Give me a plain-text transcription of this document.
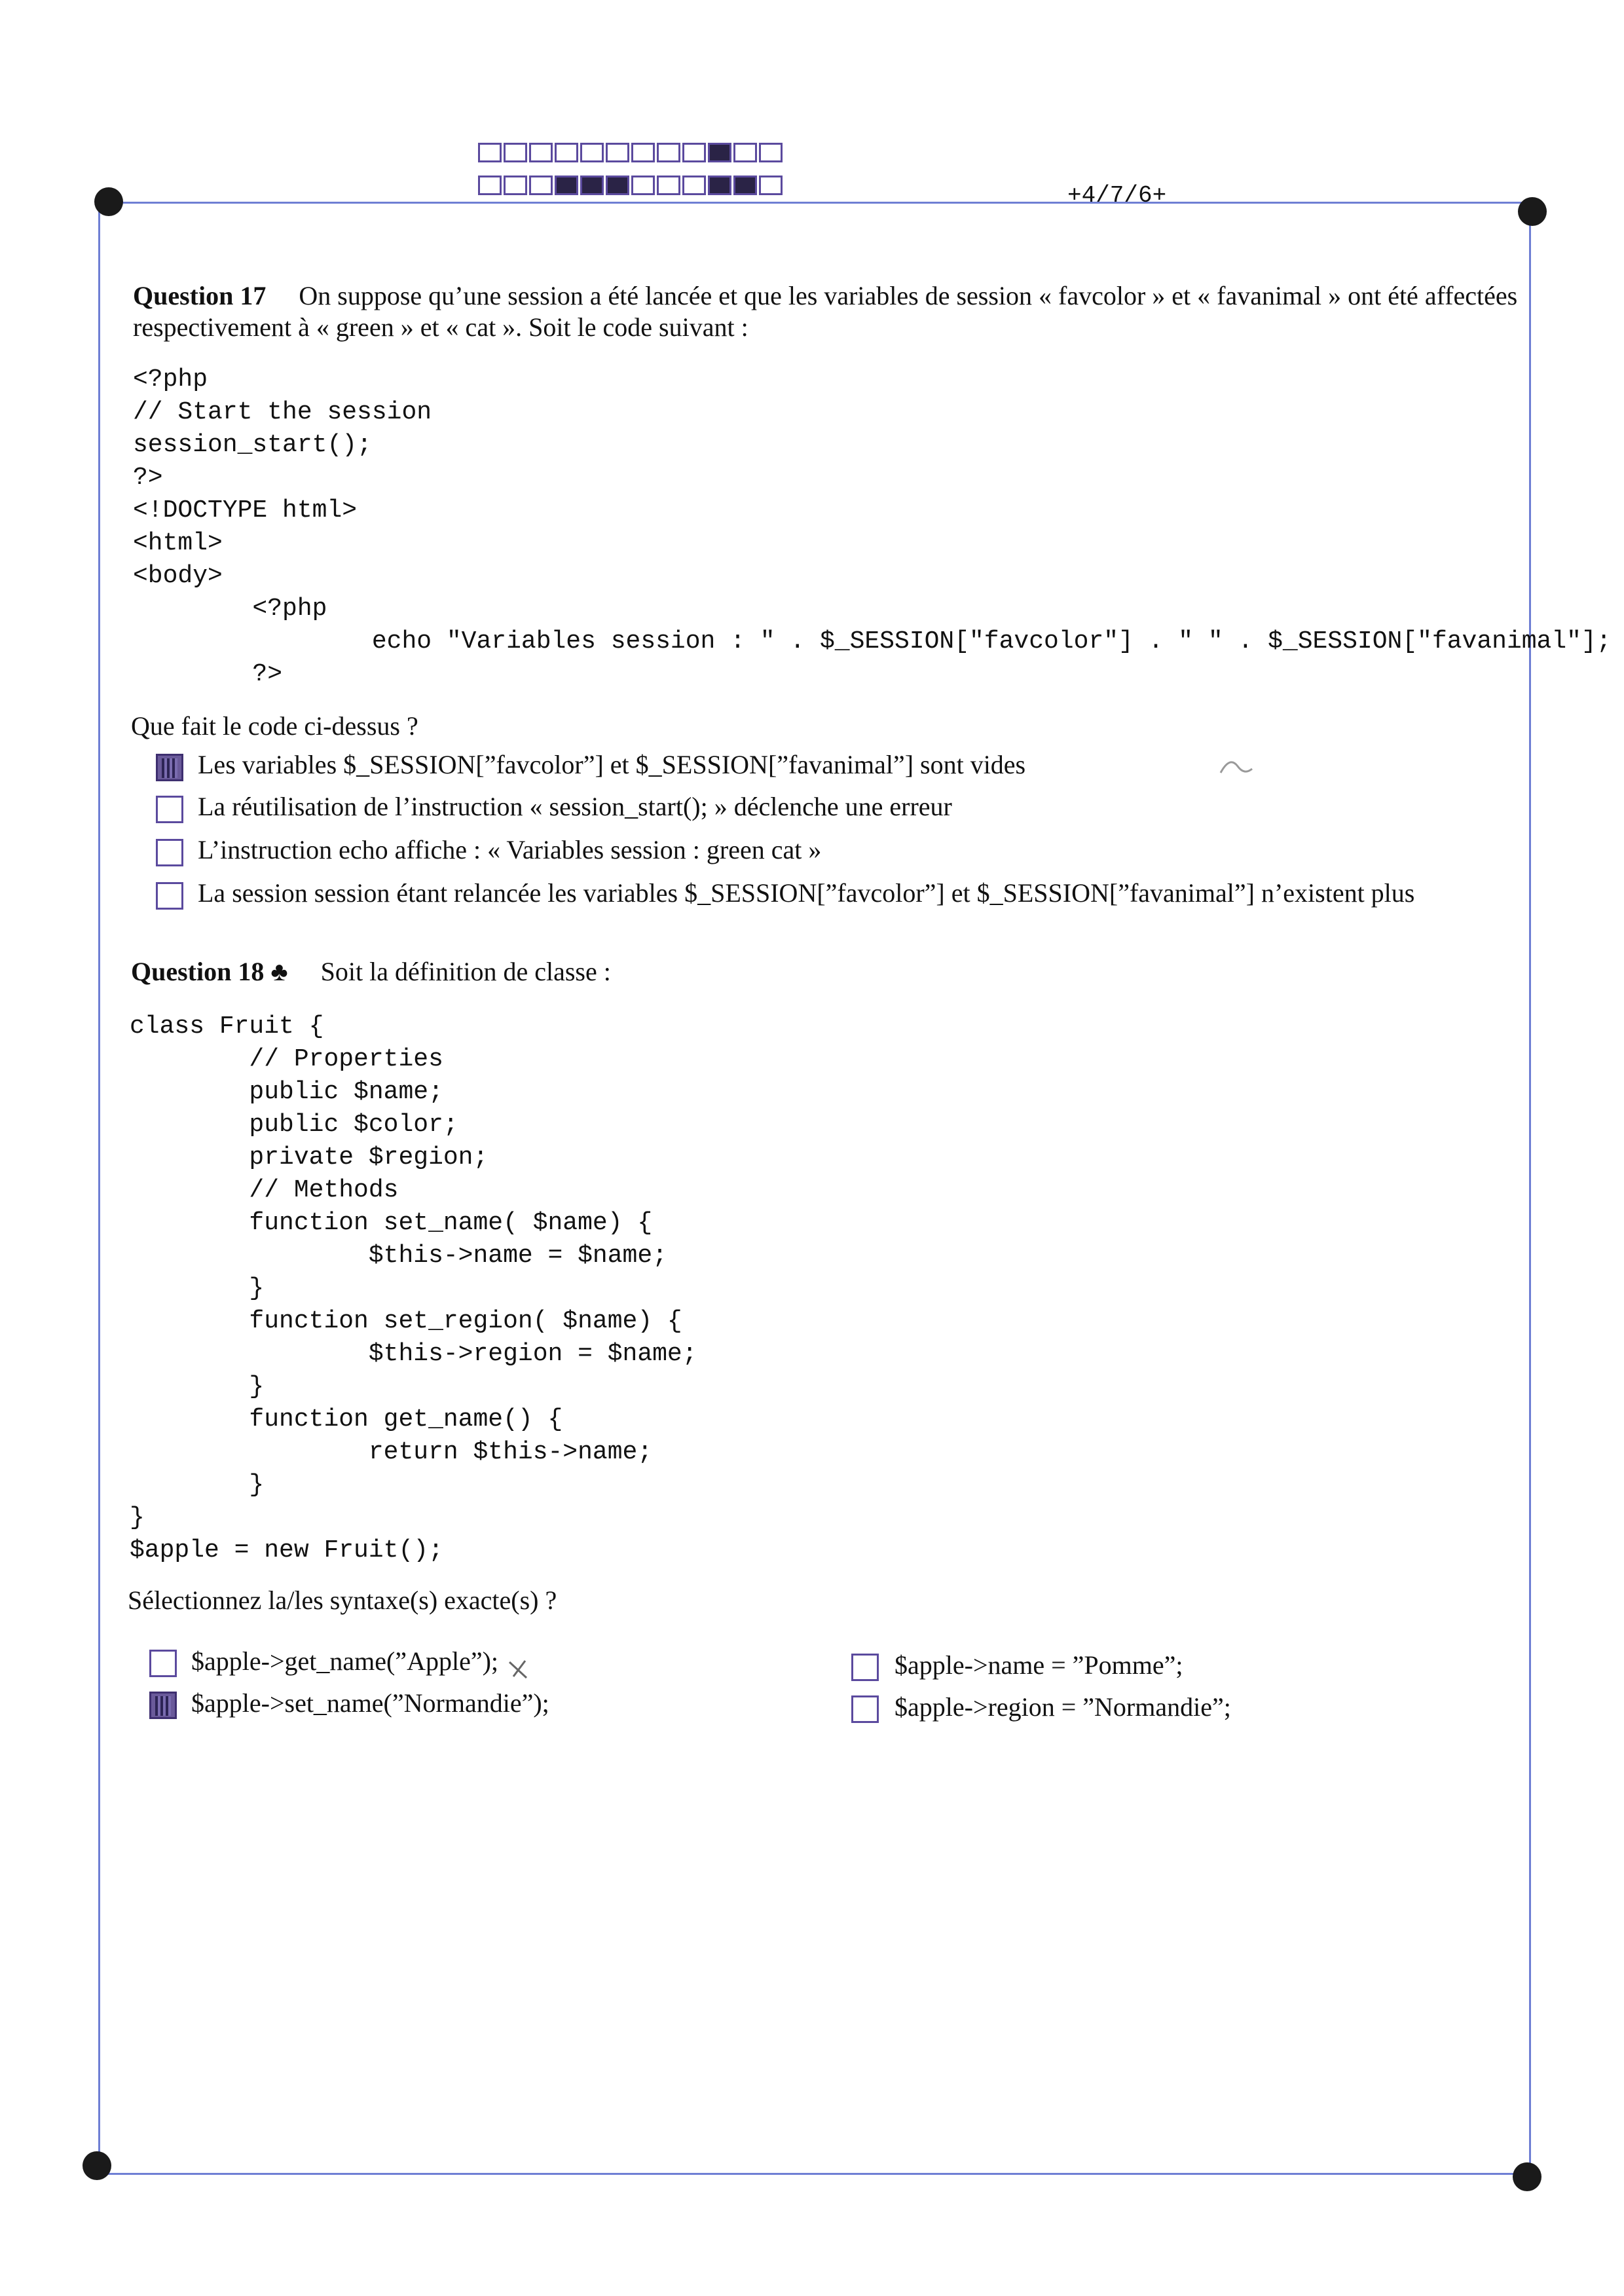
+4/7/6+
Question 17 On suppose qu’une session a été lancée et que les variables de session « favcolor » et « favanimal » ont été affectées respectivement à « green » et « cat ». Soit le code suivant :
<?php
// Start the session
session_start();
?>
<!DOCTYPE html>
<html>
<body>
<?php
echo "Variables session : " . $_SESSION["favcolor"] . " " . $_SESSION["favanimal"];
?>
Que fait le code ci-dessus ?
Les variables $_SESSION[”favcolor”] et $_SESSION[”favanimal”] sont vides
La réutilisation de l’instruction « session_start(); » déclenche une erreur
L’instruction echo affiche : « Variables session : green cat »
La session session étant relancée les variables $_SESSION[”favcolor”] et $_SESSION[”favanimal”] n’existent plus
Question 18 ♣ Soit la définition de classe :
class Fruit {
// Properties
public $name;
public $color;
private $region;
// Methods
function set_name( $name) {
$this->name = $name;
}
function set_region( $name) {
$this->region = $name;
}
function get_name() {
return $this->name;
}
}
$apple = new Fruit();
Sélectionnez la/les syntaxe(s) exacte(s) ?
$apple->get_name(”Apple”);
$apple->set_name(”Normandie”);
$apple->name = ”Pomme”;
$apple->region = ”Normandie”;
